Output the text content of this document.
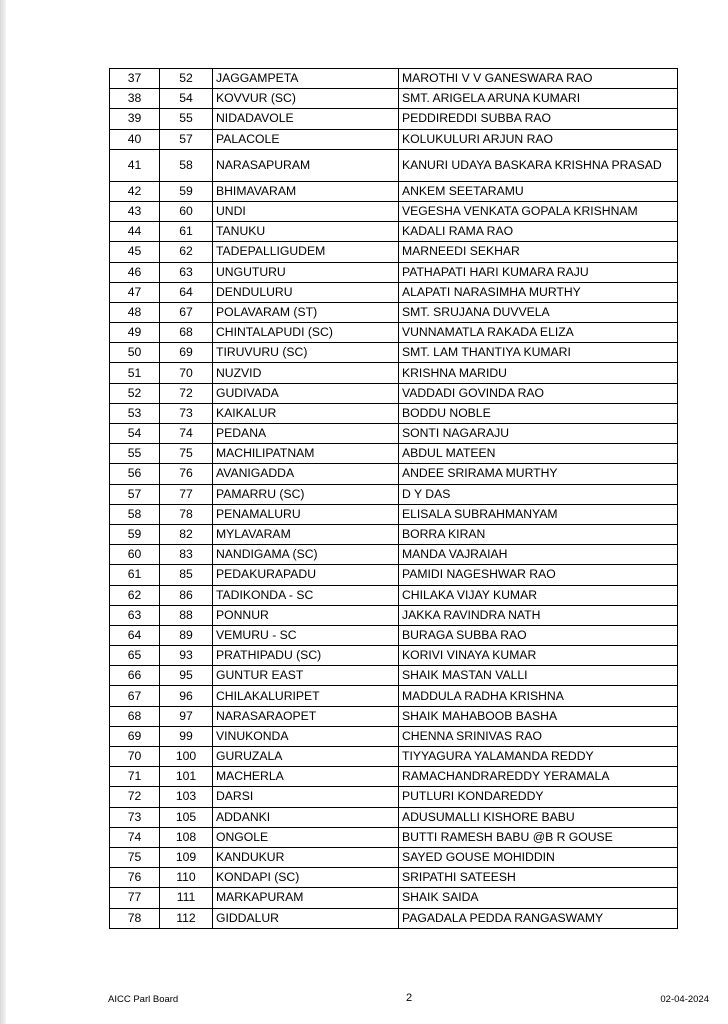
37	52	JAGGAMPETA	MAROTHI V V GANESWARA RAO
38	54	KOVVUR (SC)	SMT. ARIGELA ARUNA KUMARI
39	55	NIDADAVOLE	PEDDIREDDI SUBBA RAO
40	57	PALACOLE	KOLUKULURI ARJUN RAO
41	58	NARASAPURAM	KANURI UDAYA BASKARA KRISHNA PRASAD
42	59	BHIMAVARAM	ANKEM SEETARAMU
43	60	UNDI	VEGESHA VENKATA GOPALA KRISHNAM
44	61	TANUKU	KADALI RAMA RAO
45	62	TADEPALLIGUDEM	MARNEEDI SEKHAR
46	63	UNGUTURU	PATHAPATI HARI KUMARA RAJU
47	64	DENDULURU	ALAPATI NARASIMHA MURTHY
48	67	POLAVARAM (ST)	SMT. SRUJANA DUVVELA
49	68	CHINTALAPUDI (SC)	VUNNAMATLA RAKADA ELIZA
50	69	TIRUVURU (SC)	SMT. LAM THANTIYA KUMARI
51	70	NUZVID	KRISHNA MARIDU
52	72	GUDIVADA	VADDADI GOVINDA RAO
53	73	KAIKALUR	BODDU NOBLE
54	74	PEDANA	SONTI NAGARAJU
55	75	MACHILIPATNAM	ABDUL MATEEN
56	76	AVANIGADDA	ANDEE SRIRAMA MURTHY
57	77	PAMARRU (SC)	D Y DAS
58	78	PENAMALURU	ELISALA SUBRAHMANYAM
59	82	MYLAVARAM	BORRA KIRAN
60	83	NANDIGAMA (SC)	MANDA VAJRAIAH
61	85	PEDAKURAPADU	PAMIDI NAGESHWAR RAO
62	86	TADIKONDA - SC	CHILAKA VIJAY KUMAR
63	88	PONNUR	JAKKA RAVINDRA NATH
64	89	VEMURU - SC	BURAGA SUBBA RAO
65	93	PRATHIPADU (SC)	KORIVI VINAYA KUMAR
66	95	GUNTUR EAST	SHAIK MASTAN VALLI
67	96	CHILAKALURIPET	MADDULA RADHA KRISHNA
68	97	NARASARAOPET	SHAIK MAHABOOB BASHA
69	99	VINUKONDA	CHENNA SRINIVAS RAO
70	100	GURUZALA	TIYYAGURA YALAMANDA REDDY
71	101	MACHERLA	RAMACHANDRAREDDY YERAMALA
72	103	DARSI	PUTLURI KONDAREDDY
73	105	ADDANKI	ADUSUMALLI KISHORE BABU
74	108	ONGOLE	BUTTI RAMESH BABU @B R GOUSE
75	109	KANDUKUR	SAYED GOUSE MOHIDDIN
76	110	KONDAPI (SC)	SRIPATHI SATEESH
77	111	MARKAPURAM	SHAIK SAIDA
78	112	GIDDALUR	PAGADALA PEDDA RANGASWAMY
AICC Parl Board	2	02-04-2024
